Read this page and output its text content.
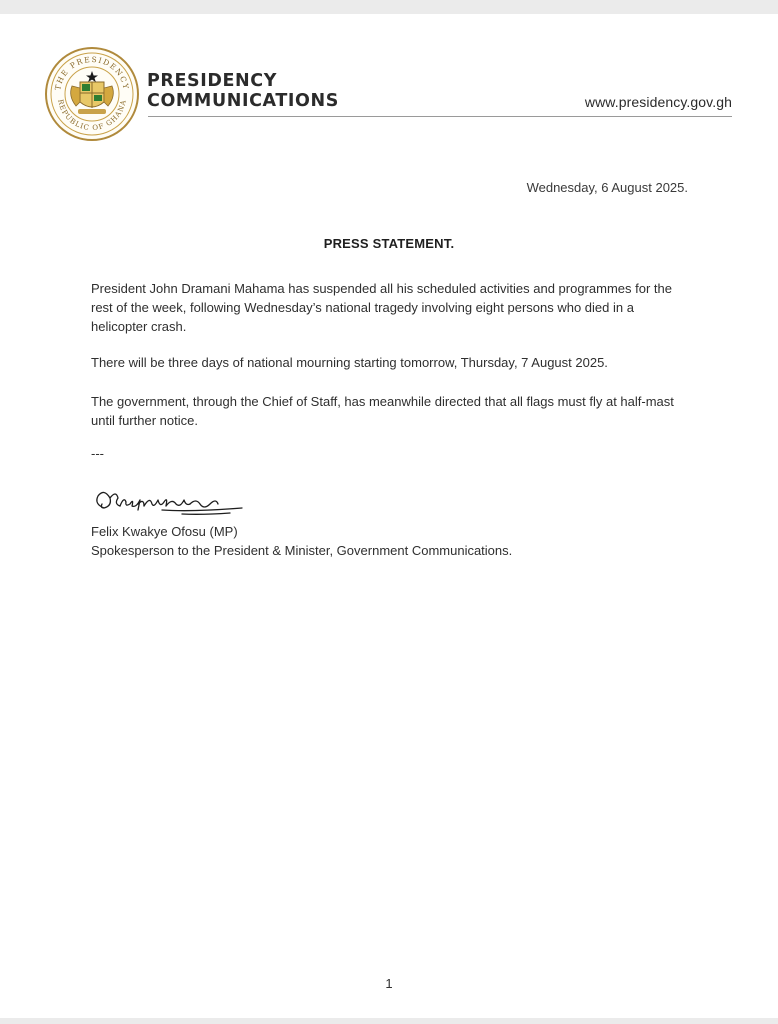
THE PRESIDENCY
REPUBLIC OF GHANA
PRESIDENCY
COMMUNICATIONS	www.presidency.gov.gh
Wednesday, 6 August 2025.
PRESS STATEMENT.

President John Dramani Mahama has suspended all his scheduled activities and programmes for the rest of the week, following Wednesday’s national tragedy involving eight persons who died in a helicopter crash.

There will be three days of national mourning starting tomorrow, Thursday, 7 August 2025.

The government, through the Chief of Staff, has meanwhile directed that all flags must fly at half-mast until further notice.

---
Felix Kwakye Ofosu (MP)
Spokesperson to the President & Minister, Government Communications.
1
